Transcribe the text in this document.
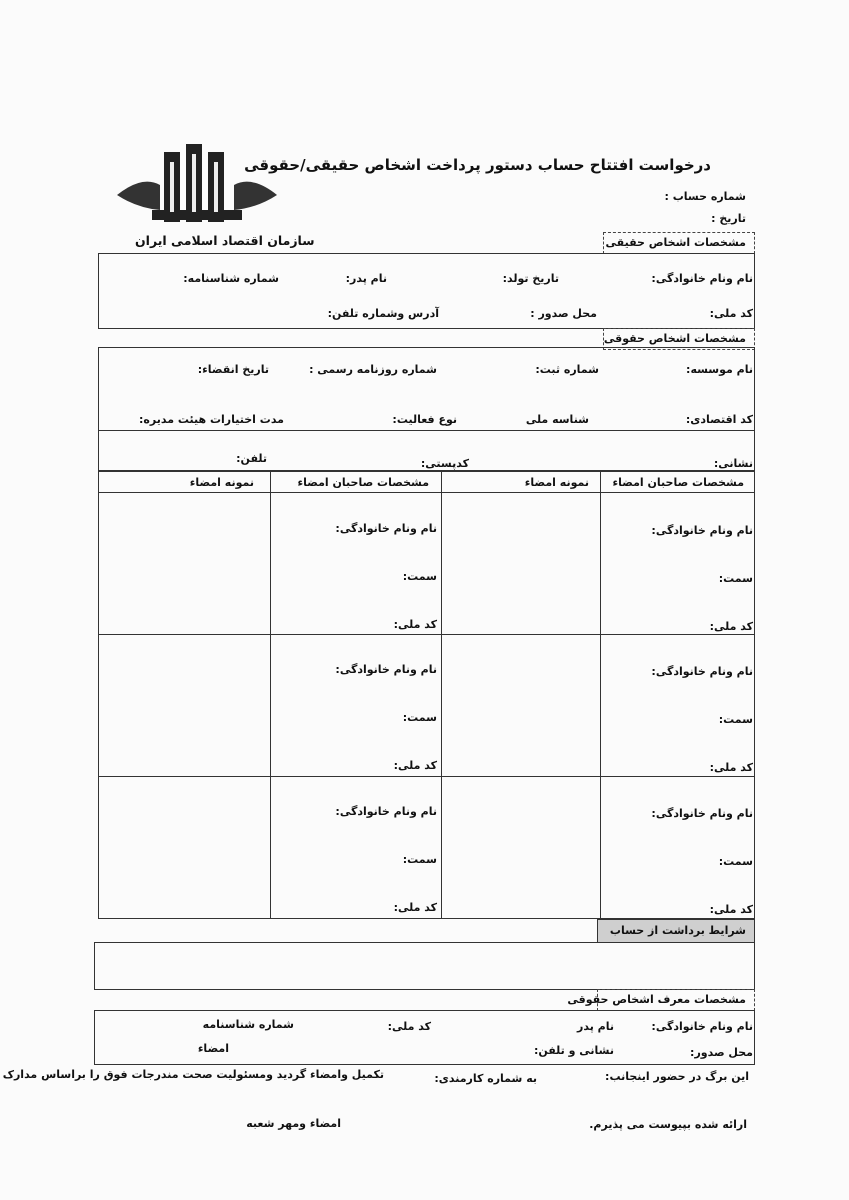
درخواست افتتاح حساب دستور پرداخت اشخاص حقیقی/حقوقی
سازمان اقتصاد اسلامی ایران
شماره حساب :
تاریخ :
مشخصات اشخاص حقیقی
نام ونام خانوادگی:
تاریخ تولد:
نام پدر:
شماره شناسنامه:
کد ملی:
محل صدور :
آدرس وشماره تلفن:
مشخصات اشخاص حقوقی
نام موسسه:
شماره ثبت:
شماره روزنامه رسمی :
تاریخ انقضاء:
کد اقتصادی:
شناسه ملی
نوع فعالیت:
مدت اختیارات هیئت مدیره:
نشانی:
کدپستی:
تلفن:
مشخصات صاحبان امضاء
نمونه امضاء
مشخصات صاحبان امضاء
نمونه امضاء
نام ونام خانوادگی:
سمت:
کد ملی:
نام ونام خانوادگی:
سمت:
کد ملی:
نام ونام خانوادگی:
سمت:
کد ملی:
نام ونام خانوادگی:
سمت:
کد ملی:
نام ونام خانوادگی:
سمت:
کد ملی:
نام ونام خانوادگی:
سمت:
کد ملی:
شرایط برداشت از حساب
مشخصات معرف اشخاص حقوقی
نام ونام خانوادگی:
نام پدر
کد ملی:
شماره شناسنامه
محل صدور:
نشانی و تلفن:
امضاء
این برگ در حضور اینجانب:
به شماره کارمندی:
تکمیل وامضاء گردید ومسئولیت صحت مندرجات فوق را براساس مدارک
ارائه شده بپیوست می پذیرم.
امضاء ومهر شعبه
